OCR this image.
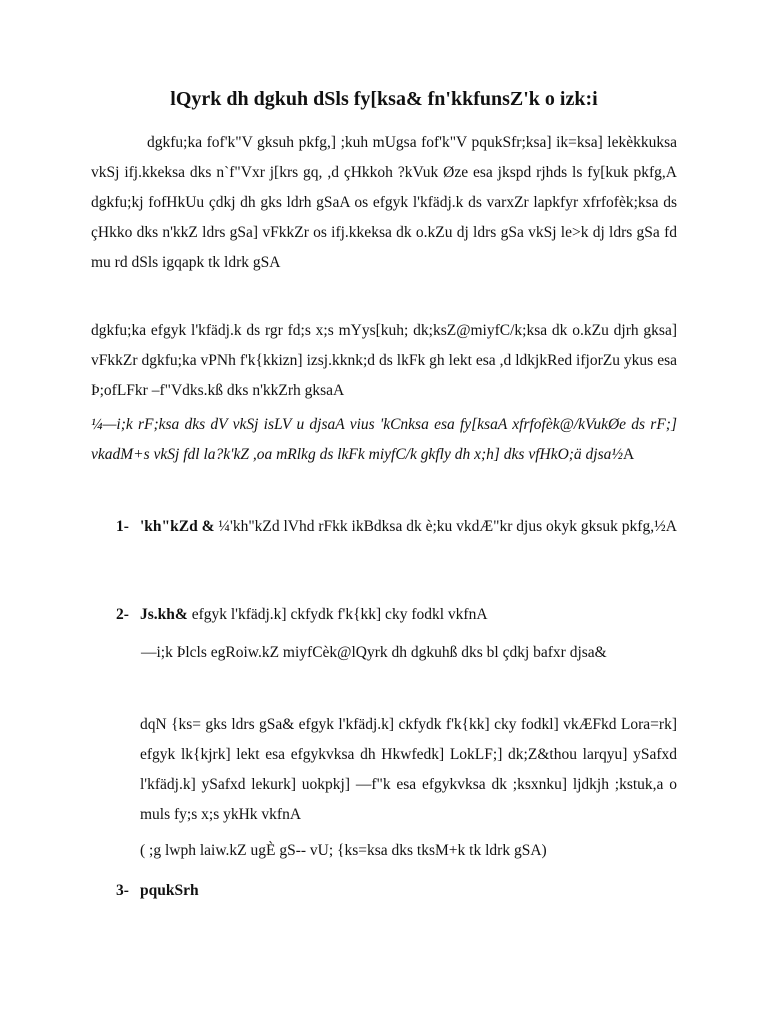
lQyrk dh dgkuh dSls fy[ksa& fn'kkfunsZ'k o izk:i
dgkfu;ka fof'k"V gksuh pkfg,] ;kuh mUgsa fof'k"V pqukSfr;ksa] ik=ksa] lekèkkuksa vkSj ifj.kkeksa dks n`f"Vxr j[krs gq, ,d çHkkoh ?kVuk Øze esa jkspd rjhds ls fy[kuk pkfg,A dgkfu;kj fofHkUu çdkj dh gks ldrh gSaA os efgyk l'kfädj.k ds varxZr lapkfyr xfrfofèk;ksa ds çHkko dks n'kkZ ldrs gSa] vFkkZr os ifj.kkeksa dk o.kZu dj ldrs gSa vkSj le>k dj ldrs gSa fd mu rd dSls igqapk tk ldrk gSA
dgkfu;ka efgyk l'kfädj.k ds rgr fd;s x;s mYys[kuh; dk;ksZ@miyfC/k;ksa dk o.kZu djrh gksa] vFkkZr dgkfu;ka vPNh f'k{kkizn] izsj.kknk;d ds lkFk gh lekt esa ,d ldkjkRed ifjorZu ykus esa Þ;ofLFkr –f"Vdks.kß dks n'kkZrh gksaA
¼—i;k rF;ksa dks dV vkSj isLV u djsaA vius 'kCnksa esa fy[ksaA xfrfofèk@/kVukØe ds rF;] vkadM+s vkSj fdl la?k'kZ ,oa mRlkg ds lkFk miyfC/k gkfly dh x;h] dks vfHkO;ä djsa½A
1- 'kh"kZd & ¼'kh"kZd lVhd rFkk ikBdksa dk è;ku vkdÆ"kr djus okyk gksuk pkfg,½A
2- Js.kh& efgyk l'kfädj.k] ckfydk f'k{kk] cky fodkl vkfnA
—i;k Þlcls egRoiw.kZ miyfCèk@lQyrk dh dgkuhß dks bl çdkj bafxr djsa&
dqN {ks= gks ldrs gSa& efgyk l'kfädj.k] ckfydk f'k{kk] cky fodkl] vkÆFkd Lora=rk] efgyk lk{kjrk] lekt esa efgykvksa dh Hkwfedk] LokLF;] dk;Z&thou larqyu] ySafxd l'kfädj.k] ySafxd lekurk] uokpkj] —f"k esa efgykvksa dk ;ksxnku] ljdkjh ;kstuk,a o muls fy;s x;s ykHk vkfnA
( ;g lwph laiw.kZ ugÈ gS-- vU; {ks=ksa dks tksM+k tk ldrk gSA)
3- pqukSrh
